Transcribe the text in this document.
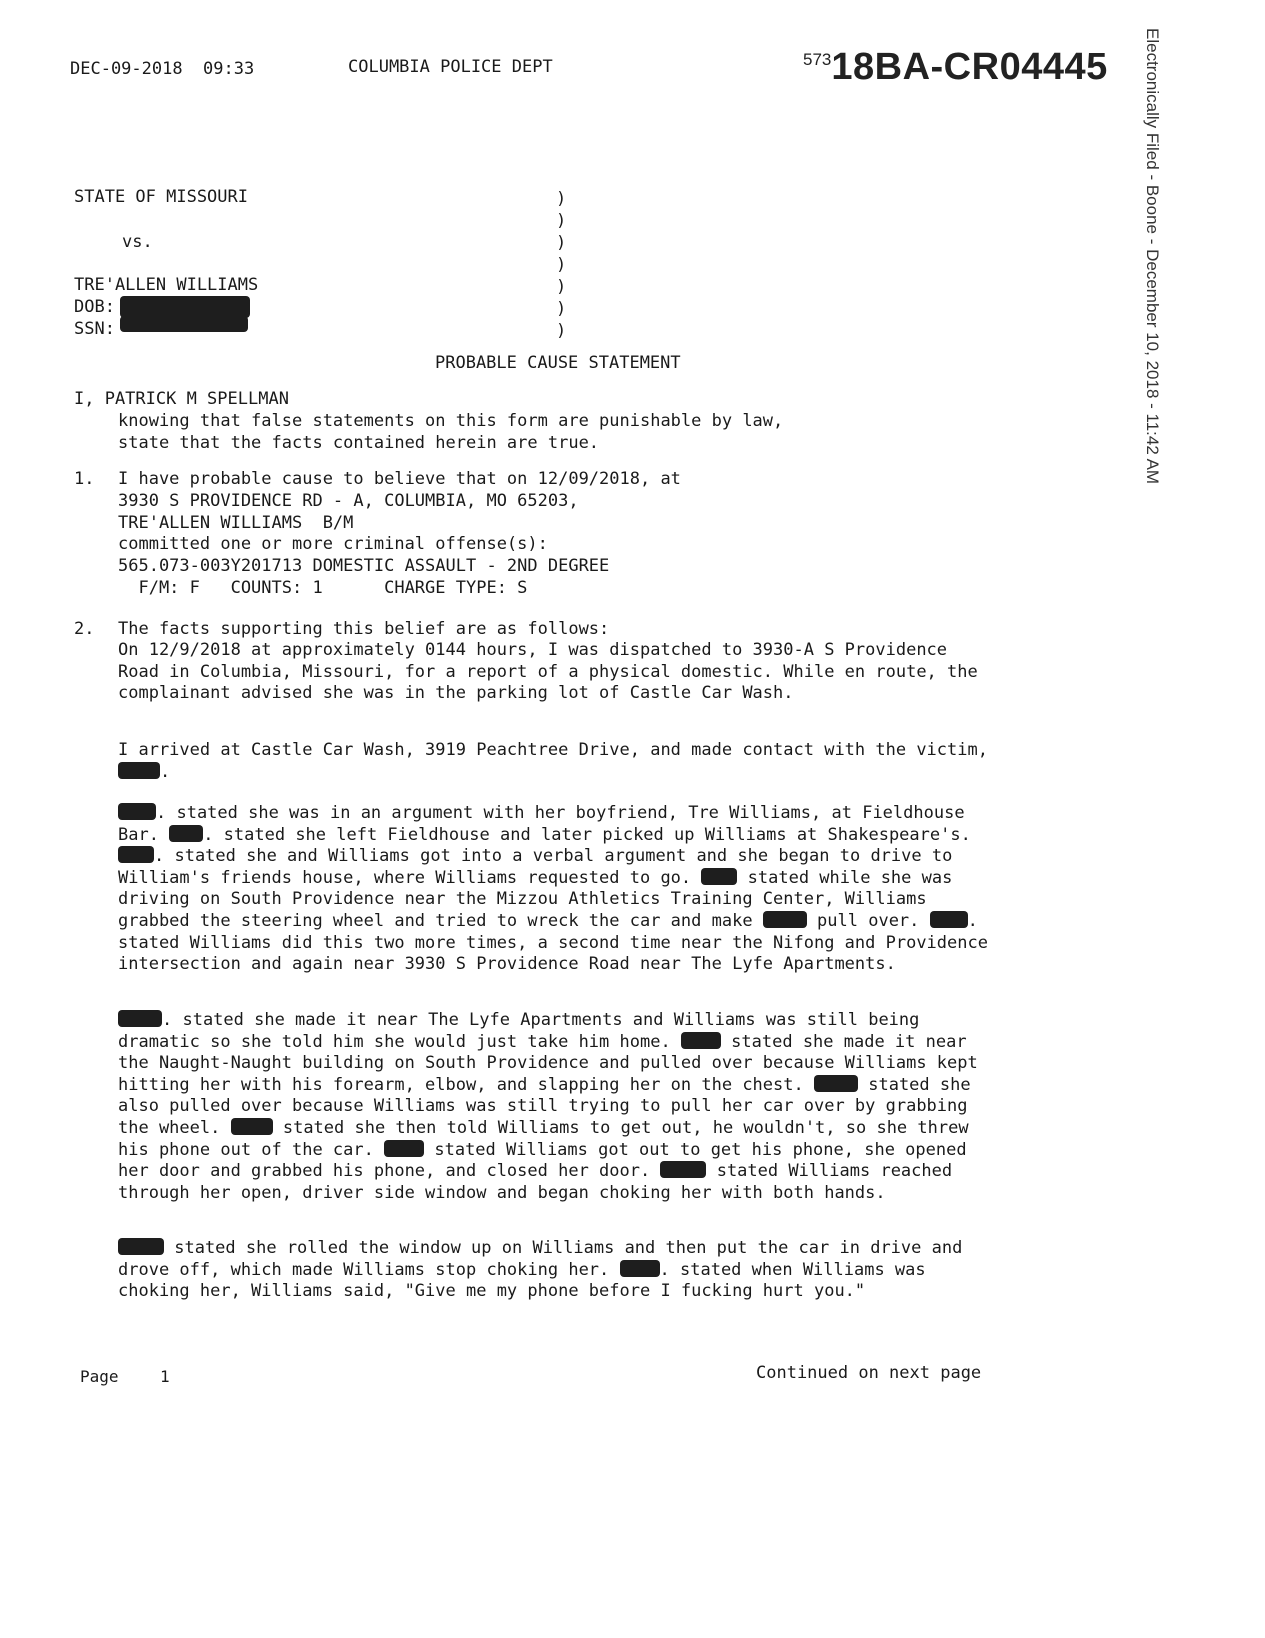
DEC-09-2018  09:33	COLUMBIA POLICE DEPT	57318BA-CR04445 Electronically Filed - Boone - December 10, 2018 - 11:42 AM
STATE OF MISSOURI
vs.
TRE'ALLEN WILLIAMS
DOB:
SSN:
)
)
)
)
)
)
)
PROBABLE CAUSE STATEMENT
I, PATRICK M SPELLMAN
knowing that false statements on this form are punishable by law,
state that the facts contained herein are true.
1. I have probable cause to believe that on 12/09/2018, at
3930 S PROVIDENCE RD - A, COLUMBIA, MO 65203,
TRE'ALLEN WILLIAMS  B/M
committed one or more criminal offense(s):
565.073-003Y201713 DOMESTIC ASSAULT - 2ND DEGREE
F/M: F   COUNTS: 1      CHARGE TYPE: S
2. The facts supporting this belief are as follows:

On 12/9/2018 at approximately 0144 hours, I was dispatched to 3930-A S Providence Road in Columbia, Missouri, for a report of a physical domestic. While en route, the complainant advised she was in the parking lot of Castle Car Wash.

I arrived at Castle Car Wash, 3919 Peachtree Drive, and made contact with the victim, .
. stated she was in an argument with her boyfriend, Tre Williams, at Fieldhouse Bar.	. stated she left Fieldhouse and later picked up Williams at Shakespeare's. . stated she and Williams got into a verbal argument and she began to drive to William's friends house, where Williams requested to go.	stated while she was driving on South Providence near the Mizzou Athletics Training Center, Williams grabbed the steering wheel and tried to wreck the car and make	pull over.	. stated Williams did this two more times, a second time near the Nifong and Providence intersection and again near 3930 S Providence Road near The Lyfe Apartments.
. stated she made it near The Lyfe Apartments and Williams was still being dramatic so she told him she would just take him home.	stated she made it near the Naught-Naught building on South Providence and pulled over because Williams kept hitting her with his forearm, elbow, and slapping her on the chest.	stated she also pulled over because Williams was still trying to pull her car over by grabbing the wheel.	stated she then told Williams to get out, he wouldn't, so she threw his phone out of the car.	stated Williams got out to get his phone, she opened her door and grabbed his phone, and closed her door.	stated Williams reached through her open, driver side window and began choking her with both hands.
stated she rolled the window up on Williams and then put the car in drive and drove off, which made Williams stop choking her.	. stated when Williams was choking her, Williams said, "Give me my phone before I fucking hurt you."
Page	1	Continued on next page
